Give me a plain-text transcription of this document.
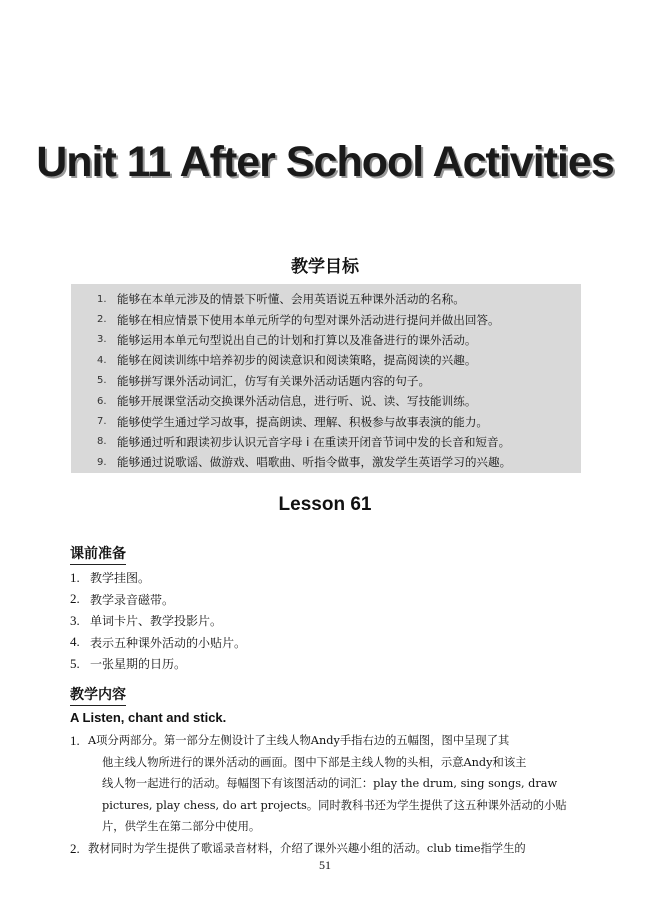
Unit 11 After School Activities
教学目标
1. 能够在本单元涉及的情景下听懂、会用英语说五种课外活动的名称。
2. 能够在相应情景下使用本单元所学的句型对课外活动进行提问并做出回答。
3. 能够运用本单元句型说出自己的计划和打算以及准备进行的课外活动。
4. 能够在阅读训练中培养初步的阅读意识和阅读策略，提高阅读的兴趣。
5. 能够拼写课外活动词汇，仿写有关课外活动话题内容的句子。
6. 能够开展课堂活动交换课外活动信息，进行听、说、读、写技能训练。
7. 能够使学生通过学习故事，提高朗读、理解、积极参与故事表演的能力。
8. 能够通过听和跟读初步认识元音字母 i 在重读开闭音节词中发的长音和短音。
9. 能够通过说歌谣、做游戏、唱歌曲、听指令做事，激发学生英语学习的兴趣。
Lesson 61
课前准备
1. 教学挂图。
2. 教学录音磁带。
3. 单词卡片、教学投影片。
4. 表示五种课外活动的小贴片。
5. 一张星期的日历。
教学内容

A Listen, chant and stick.

1. A项分两部分。第一部分左侧设计了主线人物Andy手指右边的五幅图，图中呈现了其
他主线人物所进行的课外活动的画面。图中下部是主线人物的头相，示意Andy和该主
线人物一起进行的活动。每幅图下有该图活动的词汇：play the drum, sing songs, draw
pictures, play chess, do art projects。同时教科书还为学生提供了这五种课外活动的小贴
片，供学生在第二部分中使用。
2. 教材同时为学生提供了歌谣录音材料，介绍了课外兴趣小组的活动。club time指学生的

51
